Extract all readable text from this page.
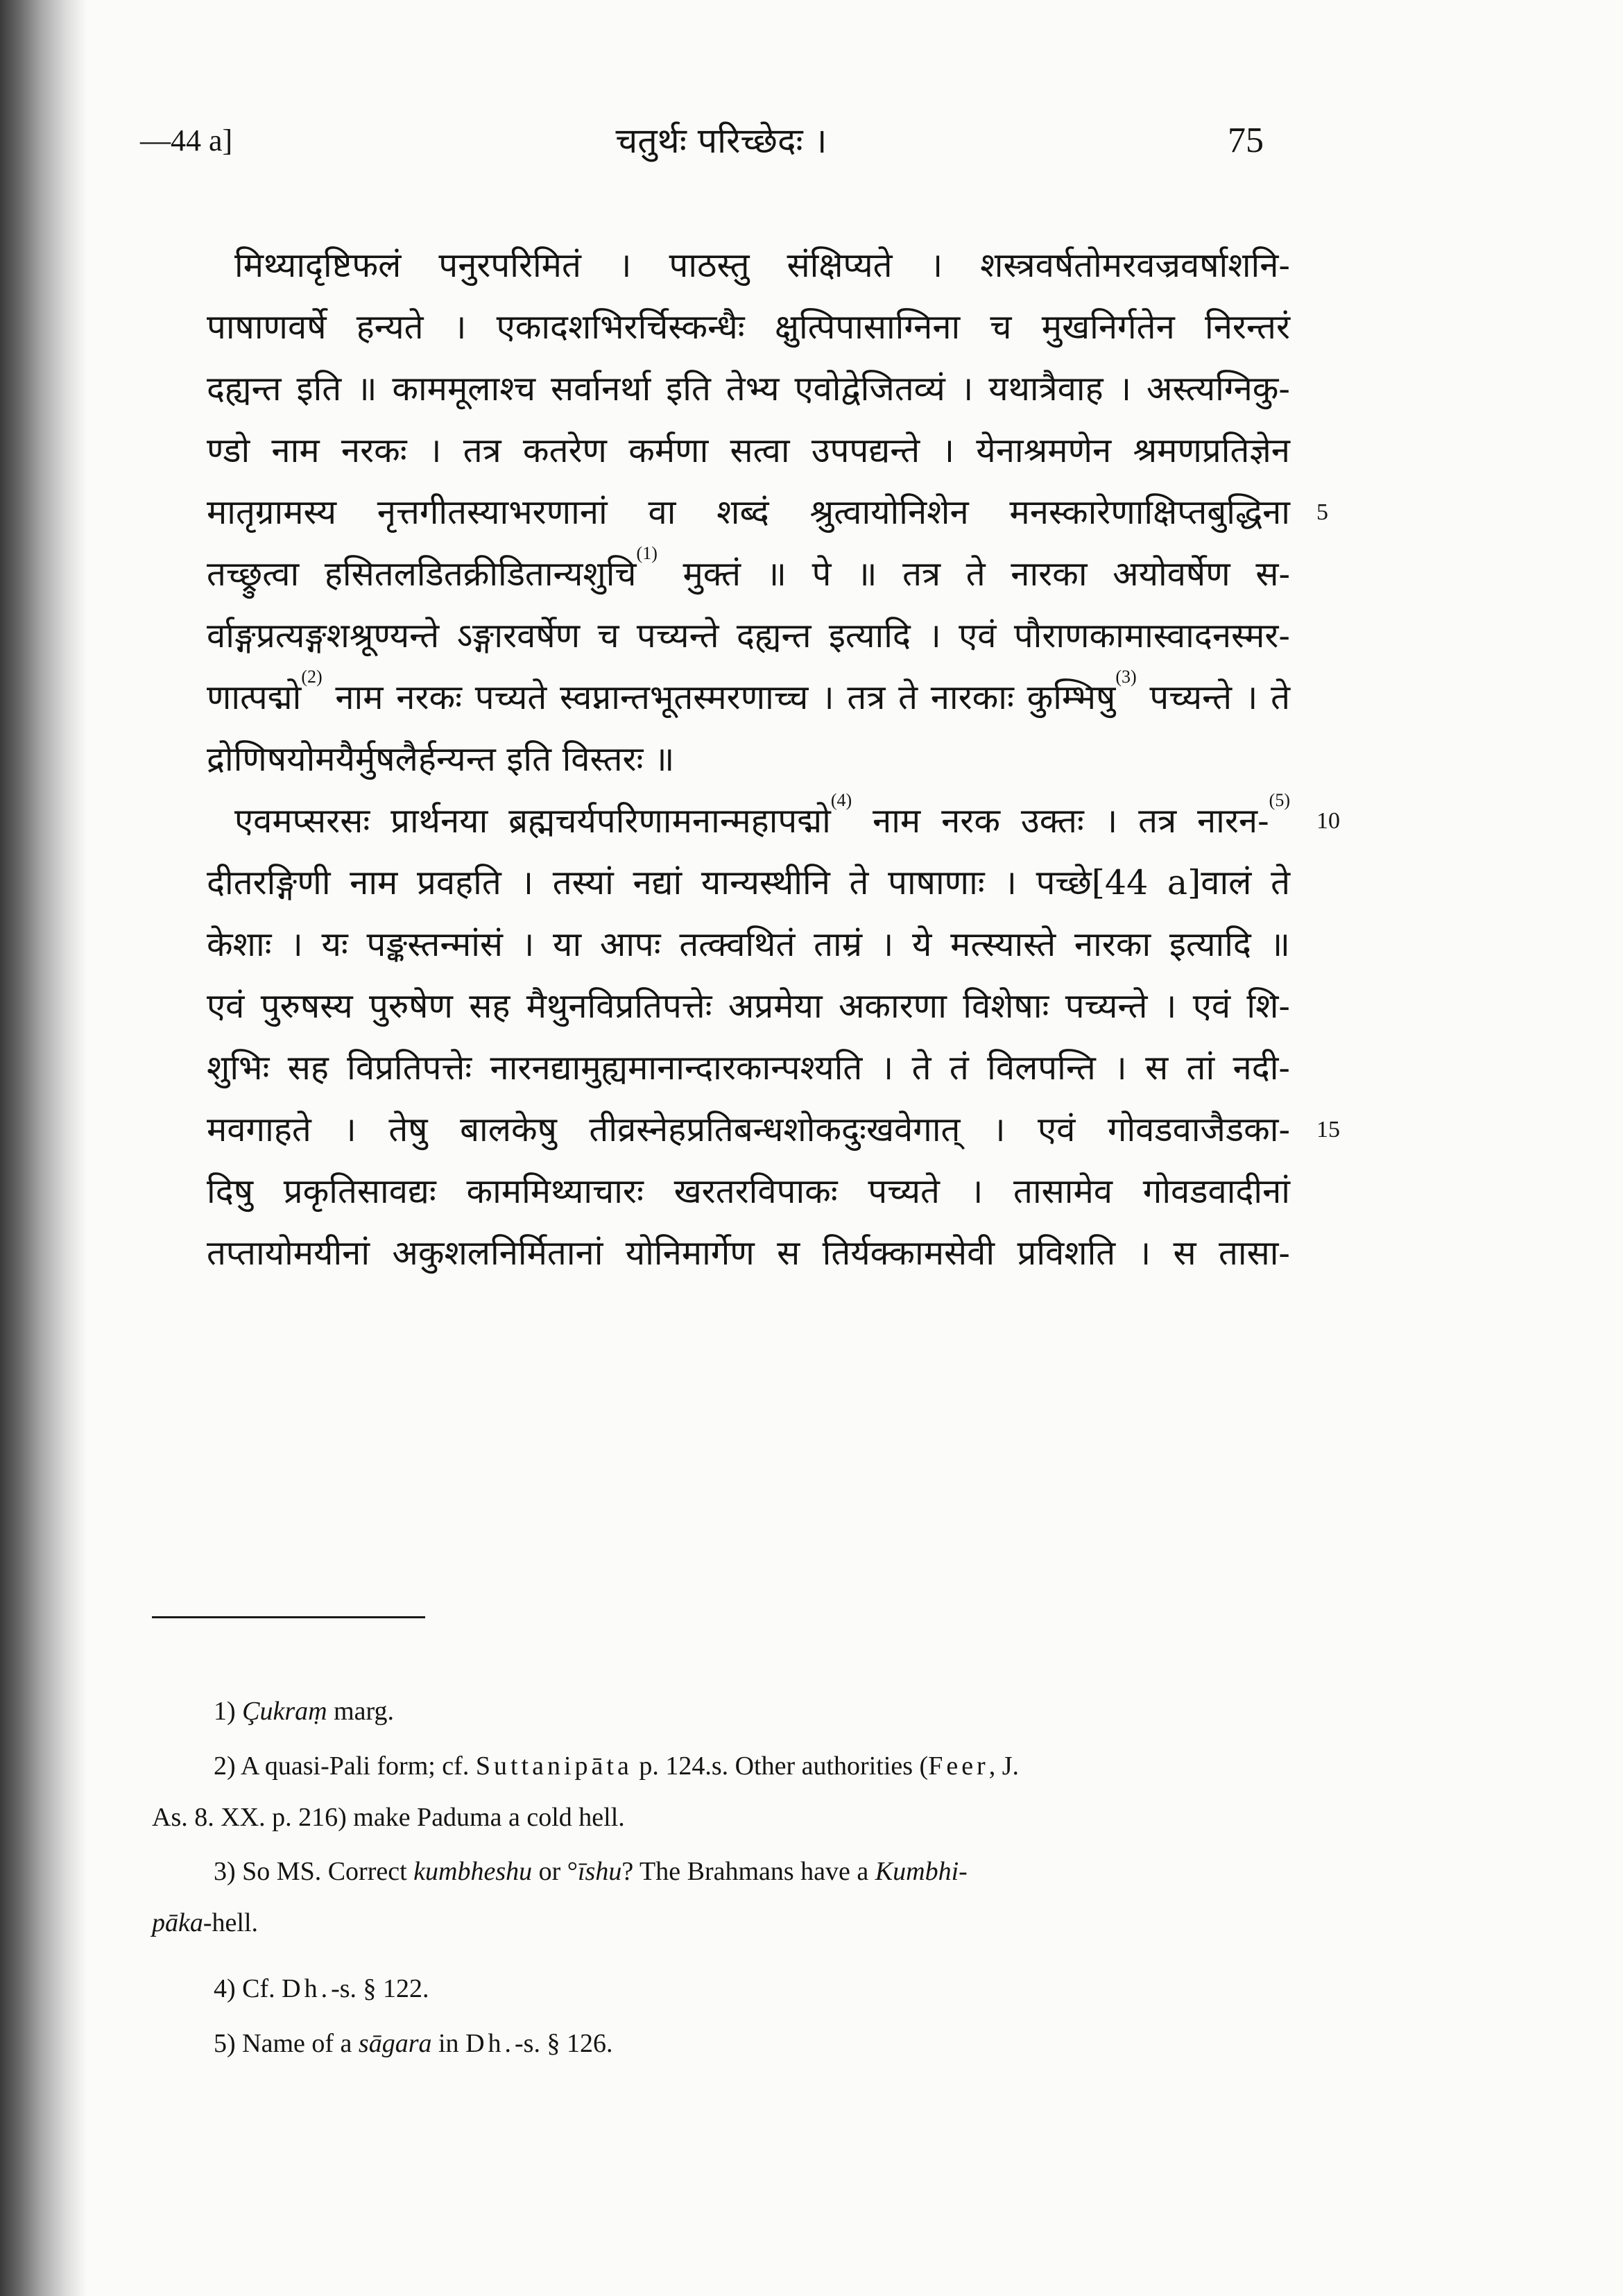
—44 a]	चतुर्थः परिच्छेदः ।	75
मिथ्यादृष्टिफलं पनुरपरिमितं । पाठस्तु संक्षिप्यते । शस्त्रवर्षतोमरवज्रवर्षाशनि-
पाषाणवर्षे हन्यते । एकादशभिरर्चिस्कन्धैः क्षुत्पिपासाग्निना च मुखनिर्गतेन निरन्तरं
दह्यन्त इति ॥ काममूलाश्च सर्वानर्था इति तेभ्य एवोद्वेजितव्यं । यथात्रैवाह । अस्त्यग्निकु-
ण्डो नाम नरकः । तत्र कतरेण कर्मणा सत्वा उपपद्यन्ते । येनाश्रमणेन श्रमणप्रतिज्ञेन
मातृग्रामस्य नृत्तगीतस्याभरणानां वा शब्दं श्रुत्वायोनिशेन मनस्कारेणाक्षिप्तबुद्धिना 5
तच्छ्रुत्वा हसितलडितक्रीडितान्यशुचि$^{(1)}$ मुक्तं ॥ पे ॥ तत्र ते नारका अयोवर्षेण स-
र्वाङ्गप्रत्यङ्गशश्रूण्यन्ते ऽङ्गारवर्षेण च पच्यन्ते दह्यन्त इत्यादि । एवं पौराणकामास्वादनस्मर-
णात्पद्मो$^{(2)}$ नाम नरकः पच्यते स्वप्नान्तभूतस्मरणाच्च । तत्र ते नारकाः कुम्भिषु$^{(3)}$ पच्यन्ते । ते
द्रोणिषयोमयैर्मुषलैर्हन्यन्त इति विस्तरः ॥
एवमप्सरसः प्रार्थनया ब्रह्मचर्यपरिणामनान्महापद्मो$^{(4)}$ नाम नरक उक्तः । तत्र नारन-$^{(5)}$
10
दीतरङ्गिणी नाम प्रवहति । तस्यां नद्यां यान्यस्थीनि ते पाषाणाः । पच्छे[44 a]वालं ते
केशाः । यः पङ्कस्तन्मांसं । या आपः तत्क्वथितं ताम्रं । ये मत्स्यास्ते नारका इत्यादि ॥
एवं पुरुषस्य पुरुषेण सह मैथुनविप्रतिपत्तेः अप्रमेया अकारणा विशेषाः पच्यन्ते । एवं शि-
शुभिः सह विप्रतिपत्तेः नारनद्यामुह्यमानान्दारकान्पश्यति । ते तं विलपन्ति । स तां नदी-
मवगाहते । तेषु बालकेषु तीव्रस्नेहप्रतिबन्धशोकदुःखवेगात् । एवं गोवडवाजैडका- 15
दिषु प्रकृतिसावद्यः काममिथ्याचारः खरतरविपाकः पच्यते । तासामेव गोवडवादीनां
तप्तायोमयीनां अकुशलनिर्मितानां योनिमार्गेण स तिर्यक्कामसेवी प्रविशति । स तासा-
1) Çukraṃ marg.
2) A quasi-Pali form; cf. Suttanipāta p. 124.s. Other authorities (Feer, J.
As. 8. XX. p. 216) make Paduma a cold hell.
3) So MS. Correct kumbheshu or °īshu? The Brahmans have a Kumbhi-
pāka-hell.
4) Cf. Dh.-s. § 122.
5) Name of a sāgara in Dh.-s. § 126.
